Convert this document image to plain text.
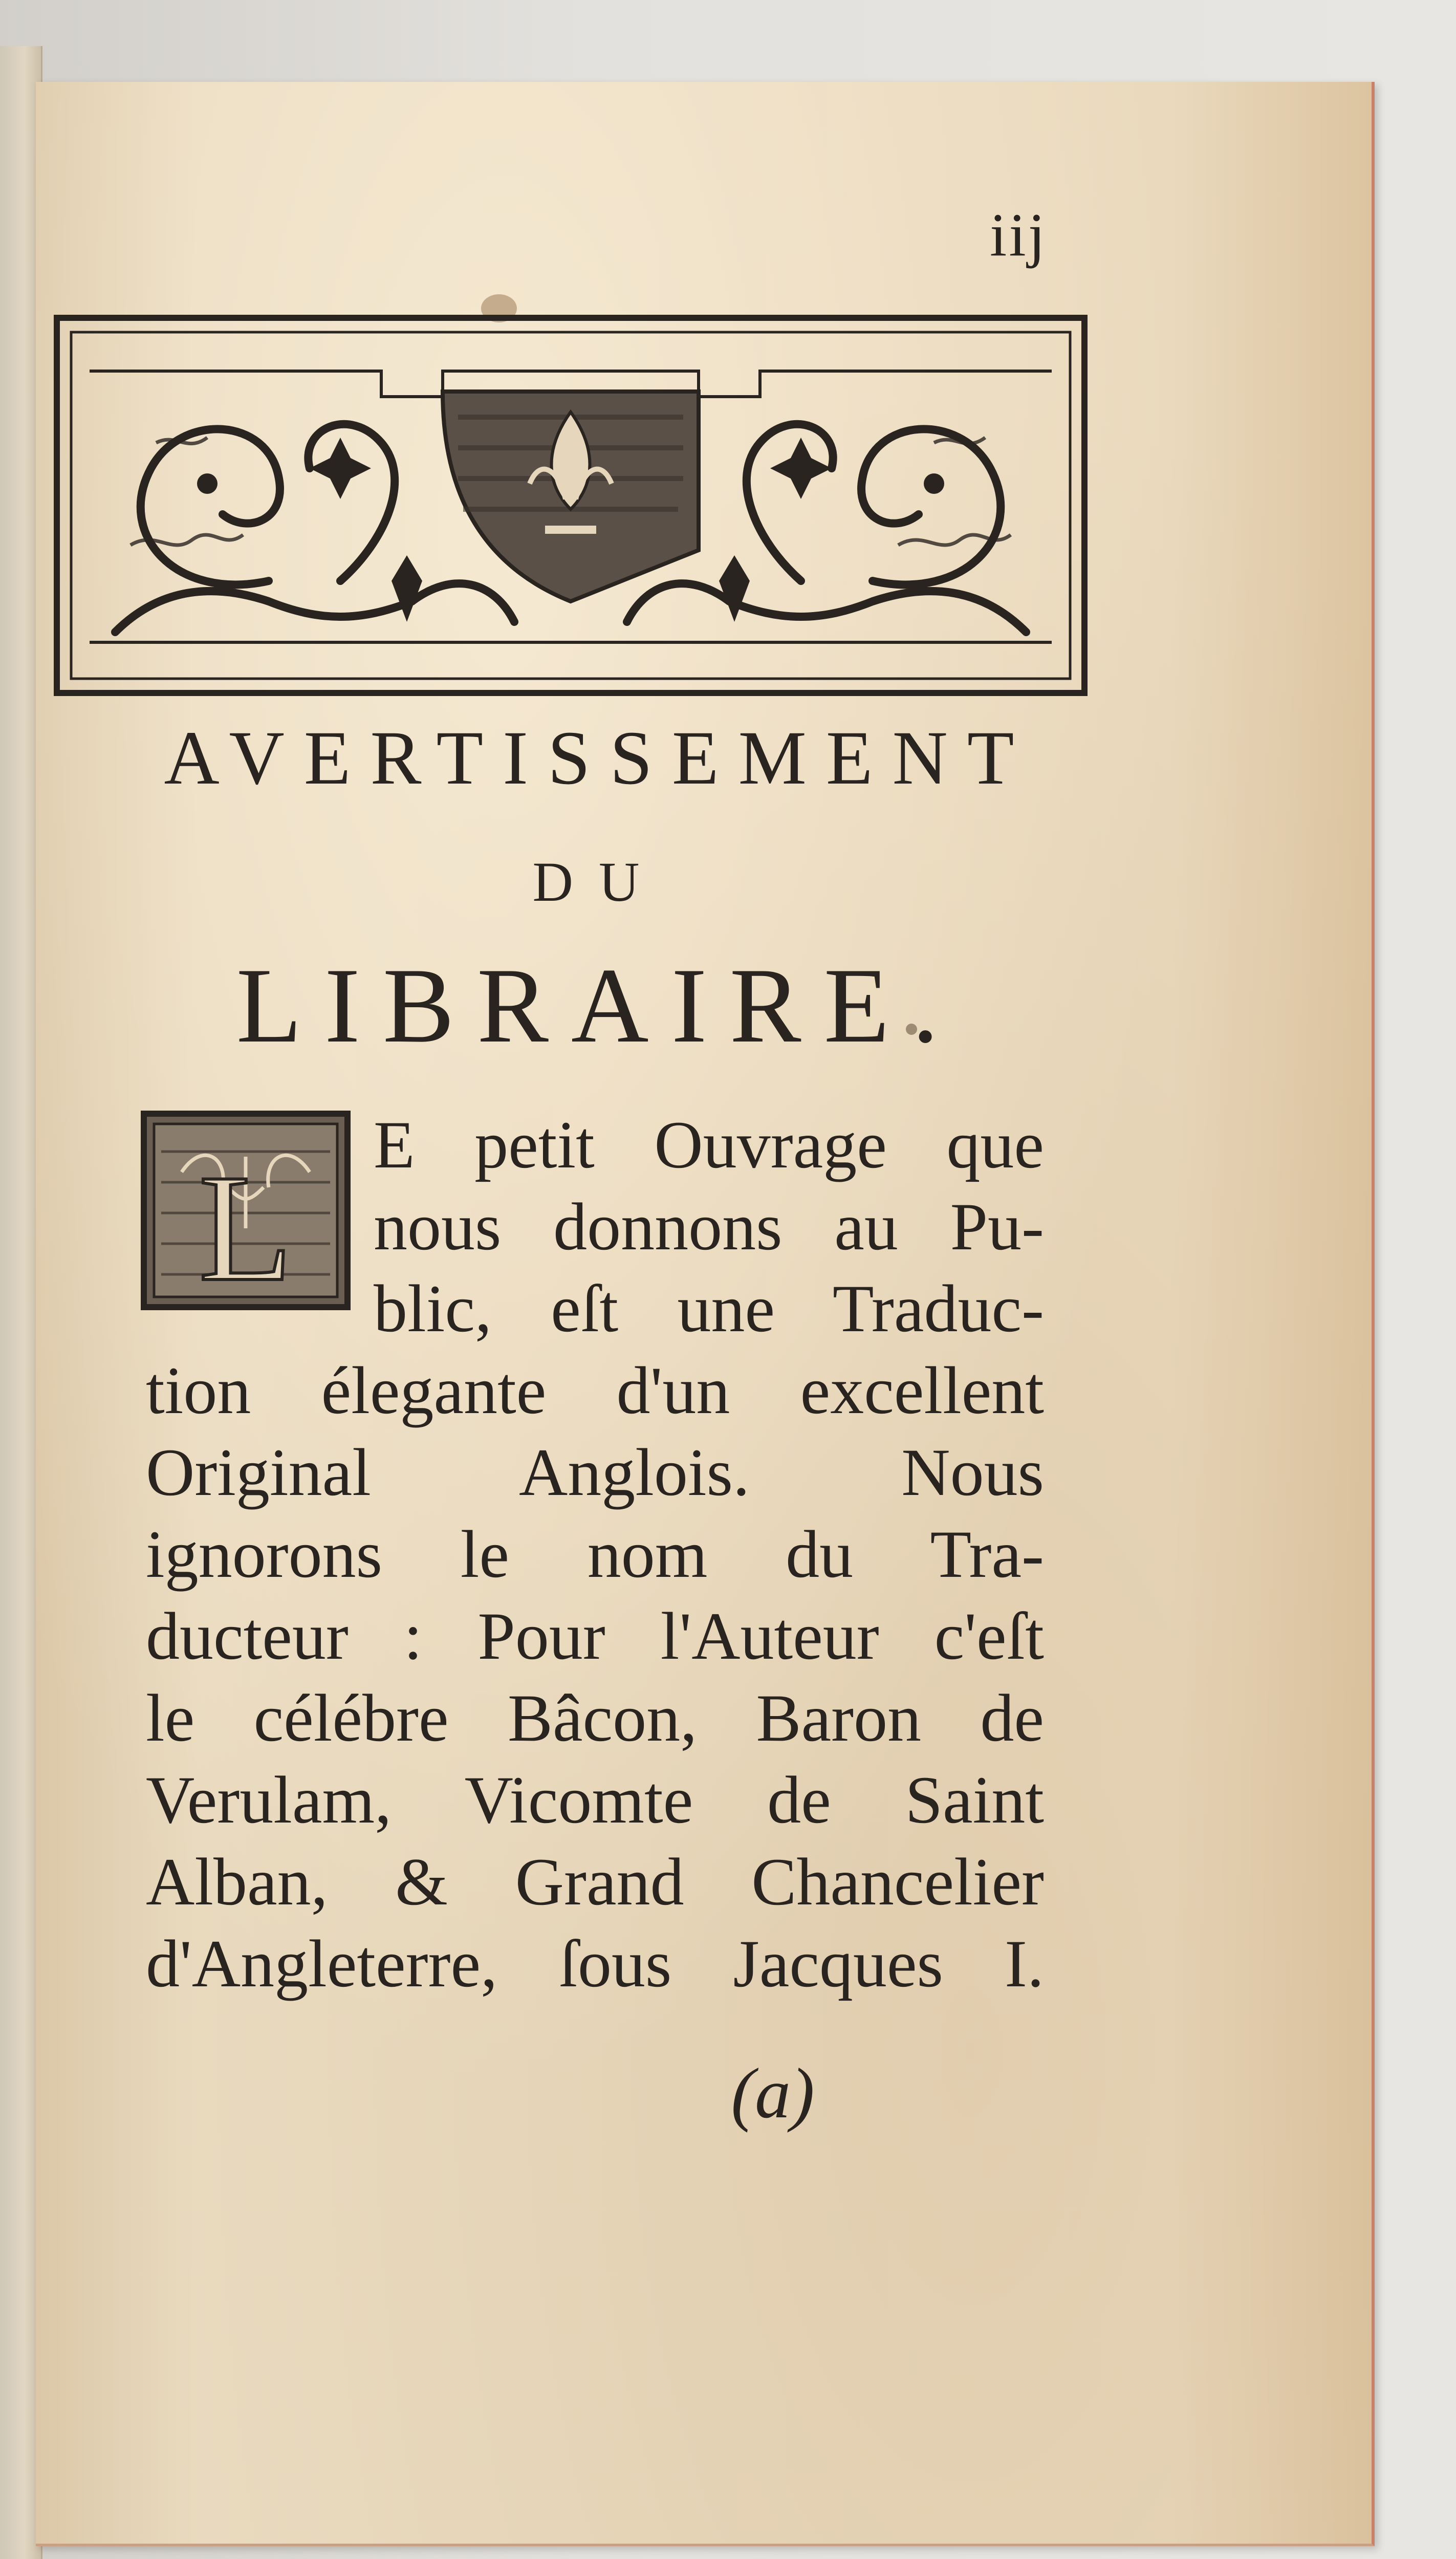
iij
AVERTISSEMENT
DU
LIBRAIRE.
L E petit Ouvrage que
nous donnons au Pu-
blic, eſt une Traduc-
tion élegante d'un excellent
Original Anglois. Nous
ignorons le nom du Tra-
ducteur : Pour l'Auteur c'eſt
le célébre Bâcon, Baron de
Verulam, Vicomte de Saint
Alban, & Grand Chancelier
d'Angleterre, ſous Jacques I.
(a)
